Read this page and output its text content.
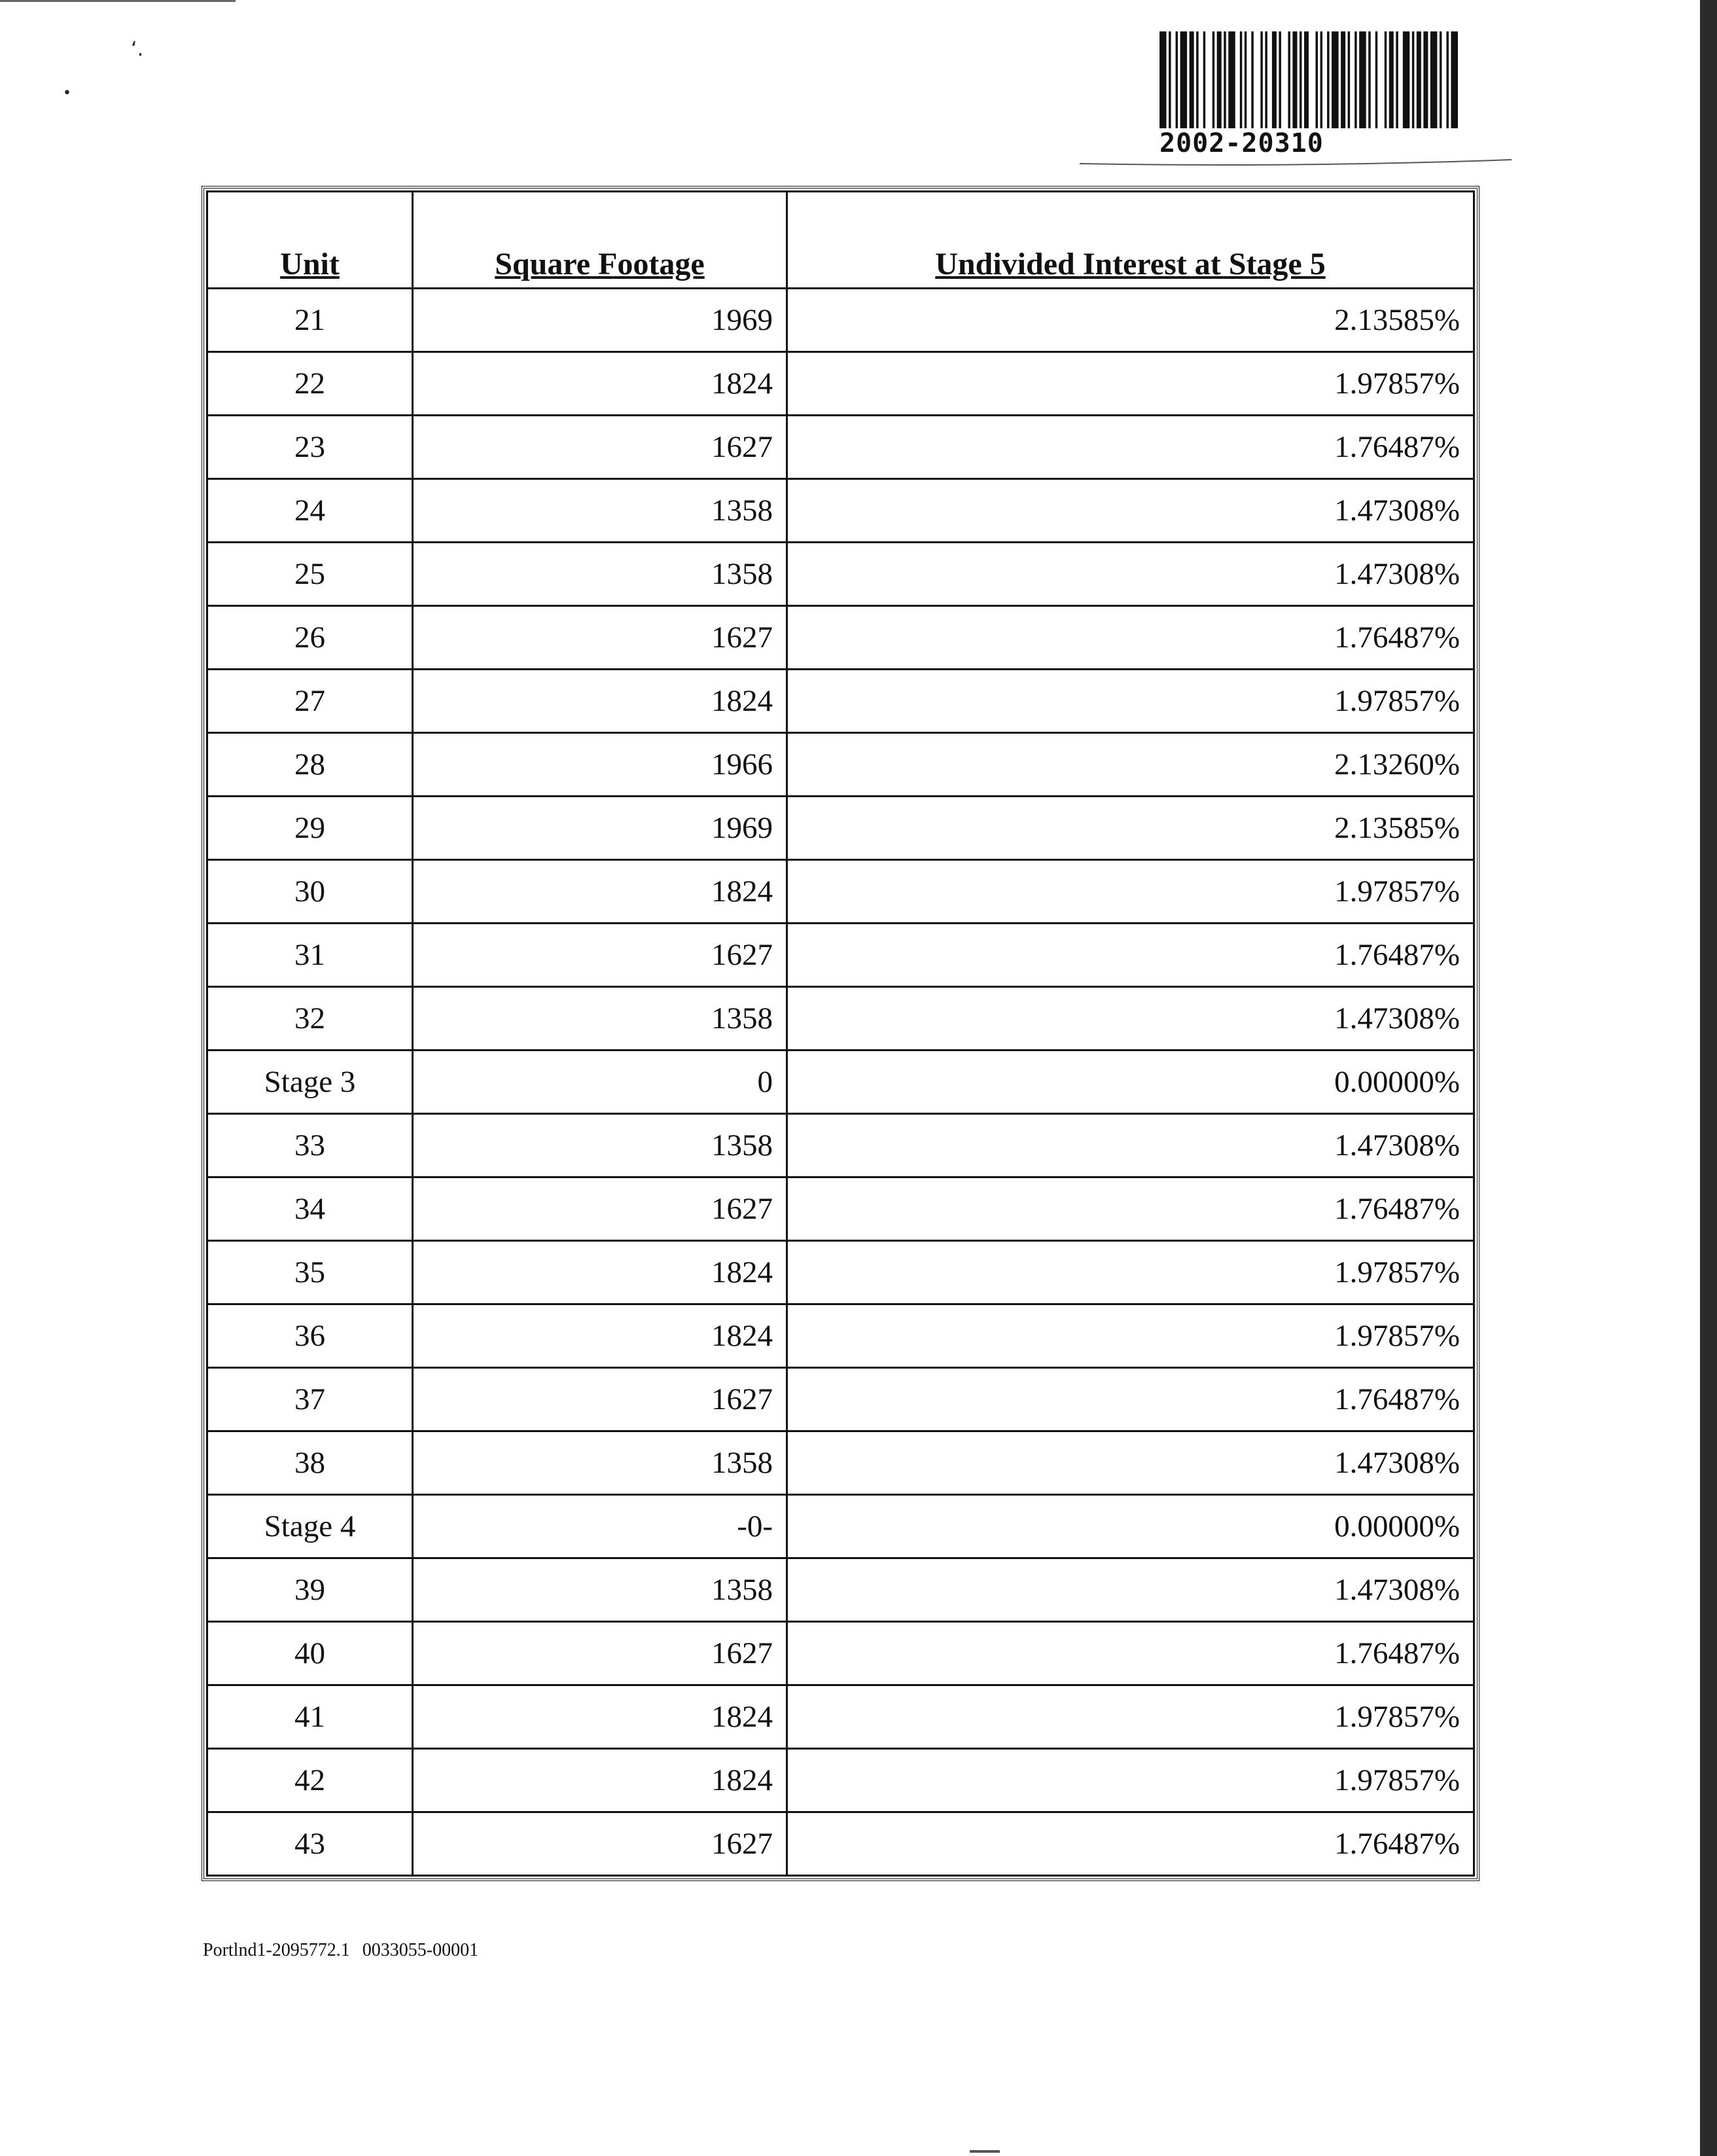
‘․
•
2002-20310
Unit	Square Footage	Undivided Interest at Stage 5
21	1969	2.13585%
22	1824	1.97857%
23	1627	1.76487%
24	1358	1.47308%
25	1358	1.47308%
26	1627	1.76487%
27	1824	1.97857%
28	1966	2.13260%
29	1969	2.13585%
30	1824	1.97857%
31	1627	1.76487%
32	1358	1.47308%
Stage 3	0	0.00000%
33	1358	1.47308%
34	1627	1.76487%
35	1824	1.97857%
36	1824	1.97857%
37	1627	1.76487%
38	1358	1.47308%
Stage 4	-0-	0.00000%
39	1358	1.47308%
40	1627	1.76487%
41	1824	1.97857%
42	1824	1.97857%
43	1627	1.76487%
Portlnd1-2095772.1 0033055-00001
